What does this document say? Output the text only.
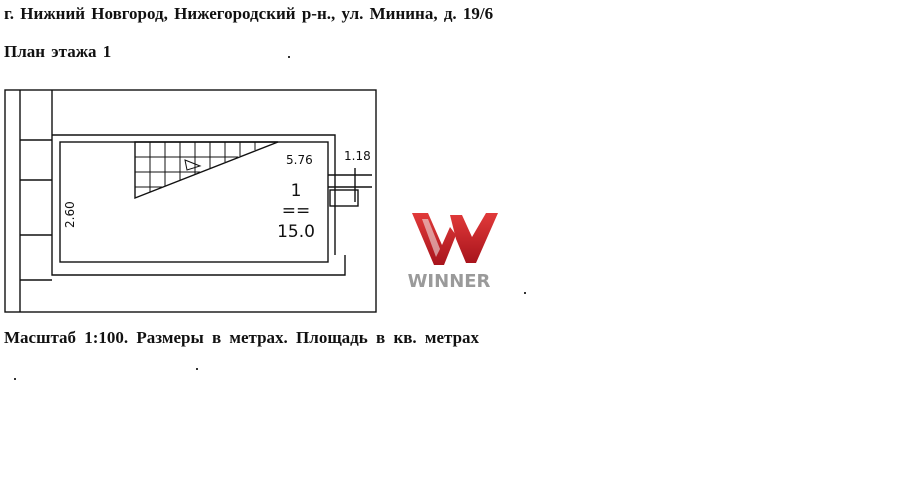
г. Нижний Новгород, Нижегородский р-н., ул. Минина, д. 19/6
План этажа 1
5.76	1.18
2.60
1
==
15.0
WINNER
Масштаб 1:100. Размеры в метрах. Площадь в кв. метрах
